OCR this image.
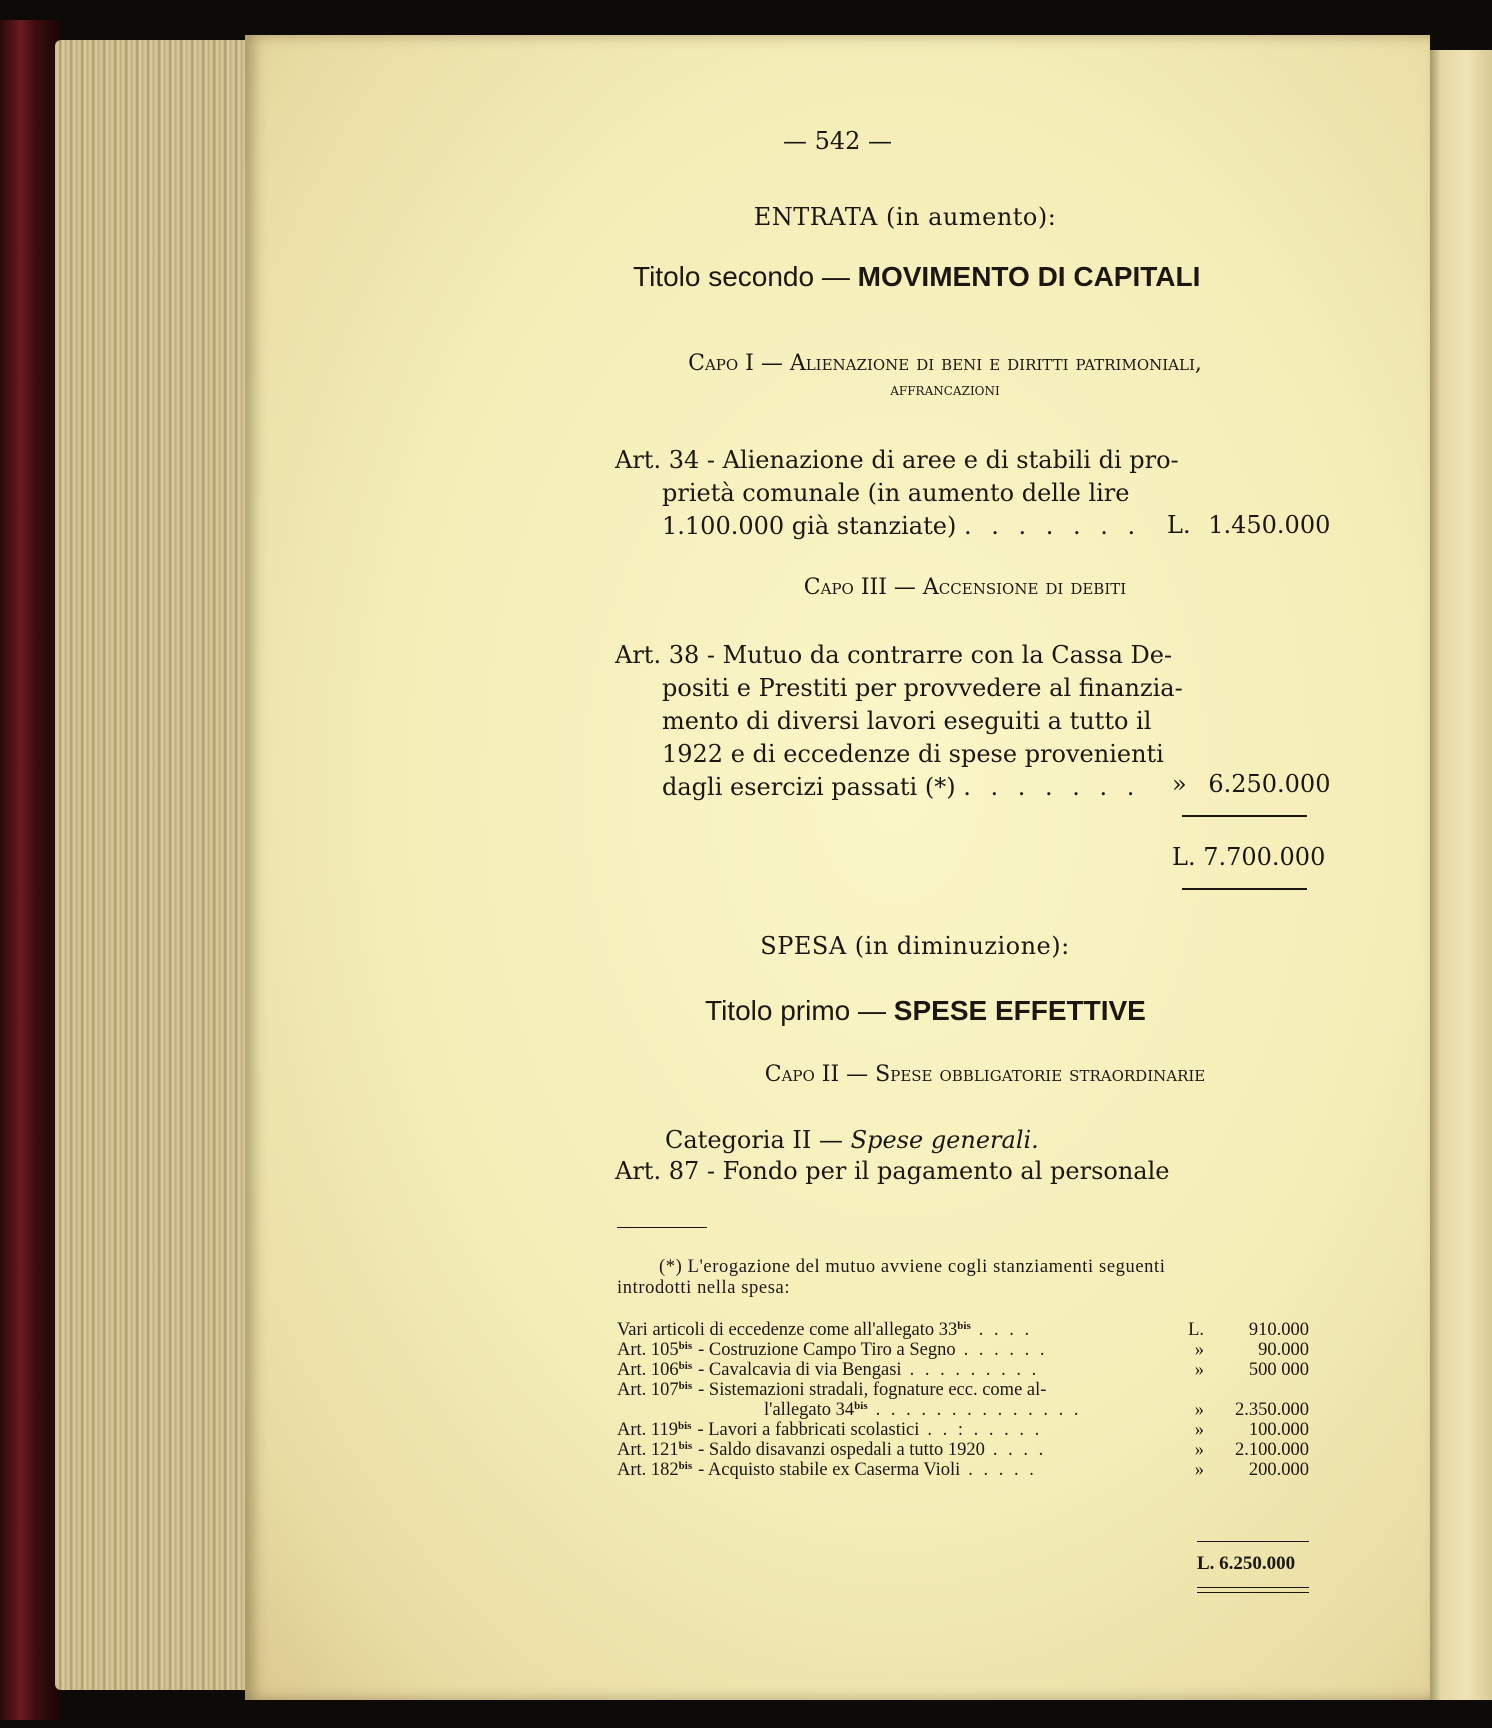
— 542 —
ENTRATA (in aumento):
Titolo secondo — MOVIMENTO DI CAPITALI
Capo I — Alienazione di beni e diritti patrimoniali,
affrancazioni
Art. 34 - Alienazione di aree e di stabili di pro-
prietà comunale (in aumento delle lire
1.100.000 già stanziate) . . . . . . .	L. 1.450.000
Capo III — Accensione di debiti
Art. 38 - Mutuo da contrarre con la Cassa De-
positi e Prestiti per provvedere al finanzia-
mento di diversi lavori eseguiti a tutto il
1922 e di eccedenze di spese provenienti
dagli esercizi passati (*) . . . . . . .	» 6.250.000
L. 7.700.000
SPESA (in diminuzione):
Titolo primo — SPESE EFFETTIVE
Capo II — Spese obbligatorie straordinarie
Categoria II — Spese generali.
Art. 87 - Fondo per il pagamento al personale
(*) L'erogazione del mutuo avviene cogli stanziamenti seguenti
introdotti nella spesa:
Vari articoli di eccedenze come all'allegato $33^{bis}$ . . . .	L.	910.000
Art. $105^{bis}$ - Costruzione Campo Tiro a Segno . . . . . .	»	90.000
Art. $106^{bis}$ - Cavalcavia di via Bengasi . . . . . . . . .	»	500 000
Art. $107^{bis}$ - Sistemazioni stradali, fognature ecc. come al-		
l'allegato $34^{bis}$ . . . . . . . . . . . . . .	»	2.350.000
Art. $119^{bis}$ - Lavori a fabbricati scolastici . . : . . . . .	»	100.000
Art. $121^{bis}$ - Saldo disavanzi ospedali a tutto 1920 . . . .	»	2.100.000
Art. $182^{bis}$ - Acquisto stabile ex Caserma Violi . . . . .	»	200.000
L. 6.250.000
